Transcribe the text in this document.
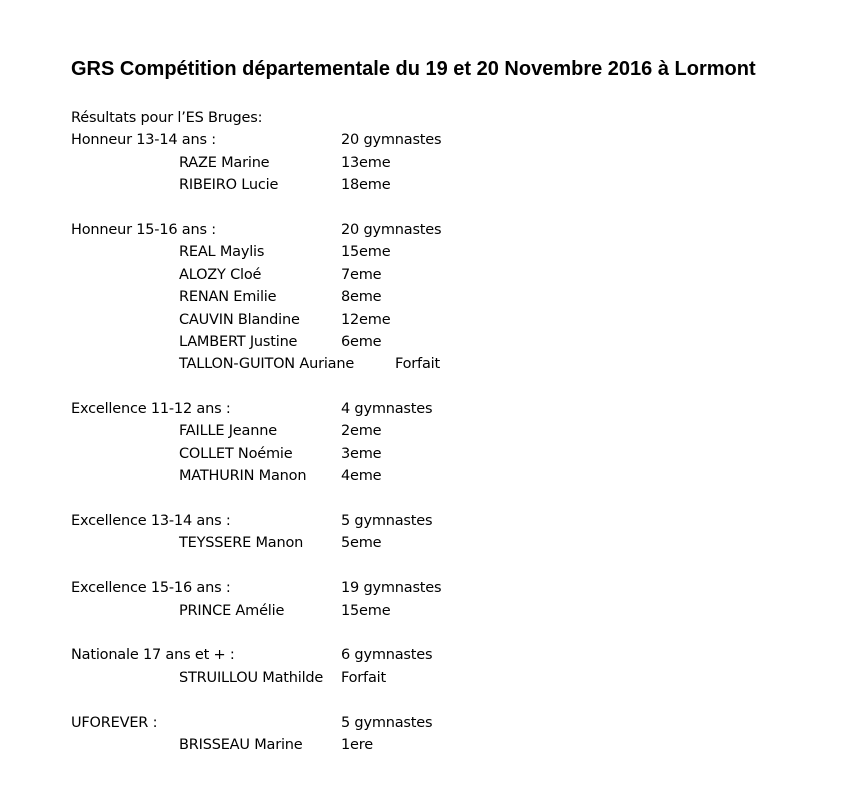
GRS Compétition départementale du 19 et 20 Novembre 2016 à Lormont
Résultats pour l’ES Bruges:
Honneur 13-14 ans :	20 gymnastes
RAZE Marine	13eme
RIBEIRO Lucie	18eme
Honneur 15-16 ans :	20 gymnastes
REAL Maylis	15eme
ALOZY Cloé	7eme
RENAN Emilie	8eme
CAUVIN Blandine	12eme
LAMBERT Justine	6eme
TALLON-GUITON Auriane	Forfait
Excellence 11-12 ans :	4 gymnastes
FAILLE Jeanne	2eme
COLLET Noémie	3eme
MATHURIN Manon 4eme
Excellence 13-14 ans :	5 gymnastes
TEYSSERE Manon	5eme
Excellence 15-16 ans :	19 gymnastes
PRINCE Amélie	15eme
Nationale 17 ans et + :	6 gymnastes
STRUILLOU Mathilde Forfait
UFOREVER :	5 gymnastes
BRISSEAU Marine	1ere
